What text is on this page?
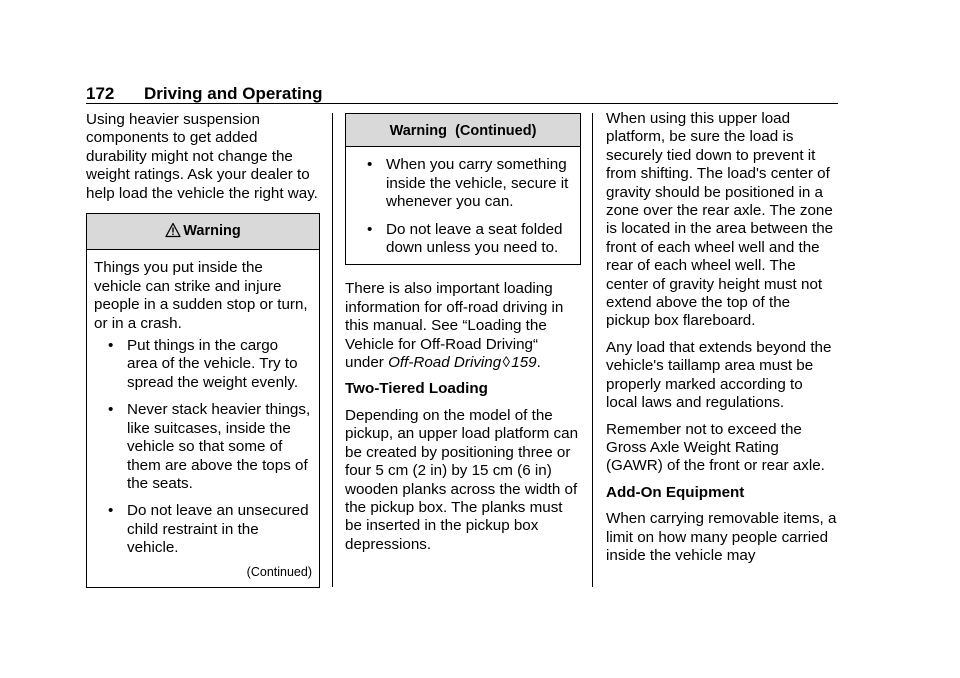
172 Driving and Operating

Using heavier suspension components to get added durability might not change the weight ratings. Ask your dealer to help load the vehicle the right way.

Warning

Things you put inside the vehicle can strike and injure people in a sudden stop or turn, or in a crash.

• Put things in the cargo area of the vehicle. Try to spread the weight evenly.
• Never stack heavier things, like suitcases, inside the vehicle so that some of them are above the tops of the seats.
• Do not leave an unsecured child restraint in the vehicle.
(Continued)
Warning  (Continued)
• When you carry something inside the vehicle, secure it whenever you can.
• Do not leave a seat folded down unless you need to.

There is also important loading information for off-road driving in this manual. See “Loading the Vehicle for Off-Road Driving“ under Off-Road Driving ◊ 159.

Two-Tiered Loading

Depending on the model of the pickup, an upper load platform can be created by positioning three or four 5 cm (2 in) by 15 cm (6 in) wooden planks across the width of the pickup box. The planks must be inserted in the pickup box depressions.

When using this upper load platform, be sure the load is securely tied down to prevent it from shifting. The load's center of gravity should be positioned in a zone over the rear axle. The zone is located in the area between the front of each wheel well and the rear of each wheel well. The center of gravity height must not extend above the top of the pickup box flareboard.

Any load that extends beyond the vehicle's taillamp area must be properly marked according to local laws and regulations.

Remember not to exceed the Gross Axle Weight Rating (GAWR) of the front or rear axle.

Add-On Equipment

When carrying removable items, a limit on how many people carried inside the vehicle may
